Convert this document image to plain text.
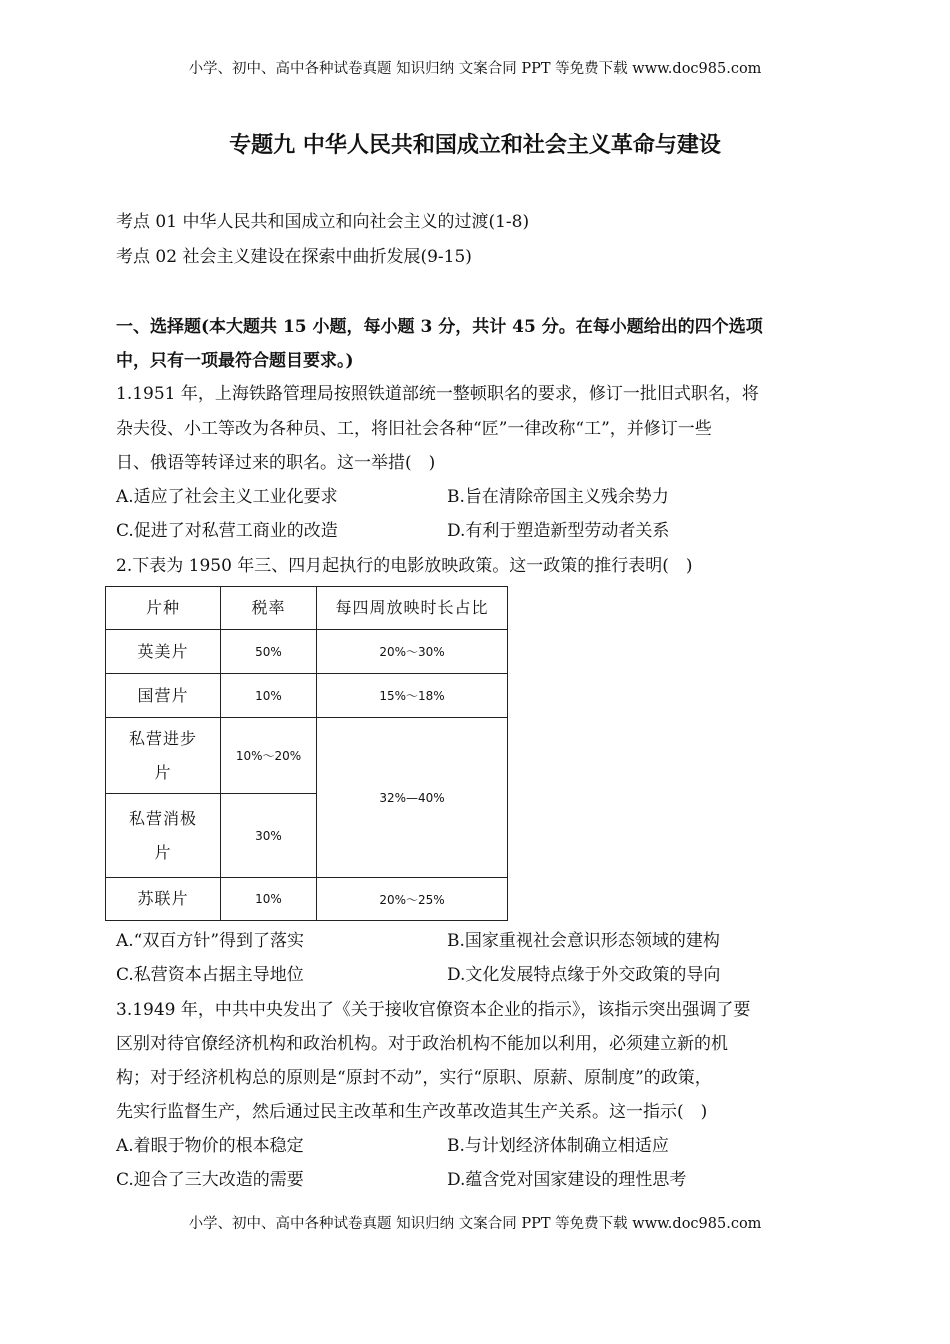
小学、初中、高中各种试卷真题 知识归纳 文案合同 PPT 等免费下载 www.doc985.com
专题九 中华人民共和国成立和社会主义革命与建设
考点 01 中华人民共和国成立和向社会主义的过渡(1-8)
考点 02 社会主义建设在探索中曲折发展(9-15)
一、选择题(本大题共 15 小题，每小题 3 分，共计 45 分。在每小题给出的四个选项
中，只有一项最符合题目要求。)
1.1951 年，上海铁路管理局按照铁道部统一整顿职名的要求，修订一批旧式职名，将
杂夫役、小工等改为各种员、工，将旧社会各种“匠”一律改称“工”，并修订一些
日、俄语等转译过来的职名。这一举措(　)
A.适应了社会主义工业化要求	B.旨在清除帝国主义残余势力
C.促进了对私营工商业的改造	D.有利于塑造新型劳动者关系
2.下表为 1950 年三、四月起执行的电影放映政策。这一政策的推行表明(　)
片种	税率	每四周放映时长占比
英美片	50%	20%～30%
国营片	10%	15%～18%
私营进步
片	10%～20%	32%—40%
私营消极
片	30%	
苏联片	10%	20%～25%
A.“双百方针”得到了落实	B.国家重视社会意识形态领域的建构
C.私营资本占据主导地位	D.文化发展特点缘于外交政策的导向
3.1949 年，中共中央发出了《关于接收官僚资本企业的指示》，该指示突出强调了要
区别对待官僚经济机构和政治机构。对于政治机构不能加以利用，必须建立新的机
构；对于经济机构总的原则是“原封不动”，实行“原职、原薪、原制度”的政策，
先实行监督生产，然后通过民主改革和生产改革改造其生产关系。这一指示(　)
A.着眼于物价的根本稳定	B.与计划经济体制确立相适应
C.迎合了三大改造的需要	D.蕴含党对国家建设的理性思考
小学、初中、高中各种试卷真题 知识归纳 文案合同 PPT 等免费下载 www.doc985.com
